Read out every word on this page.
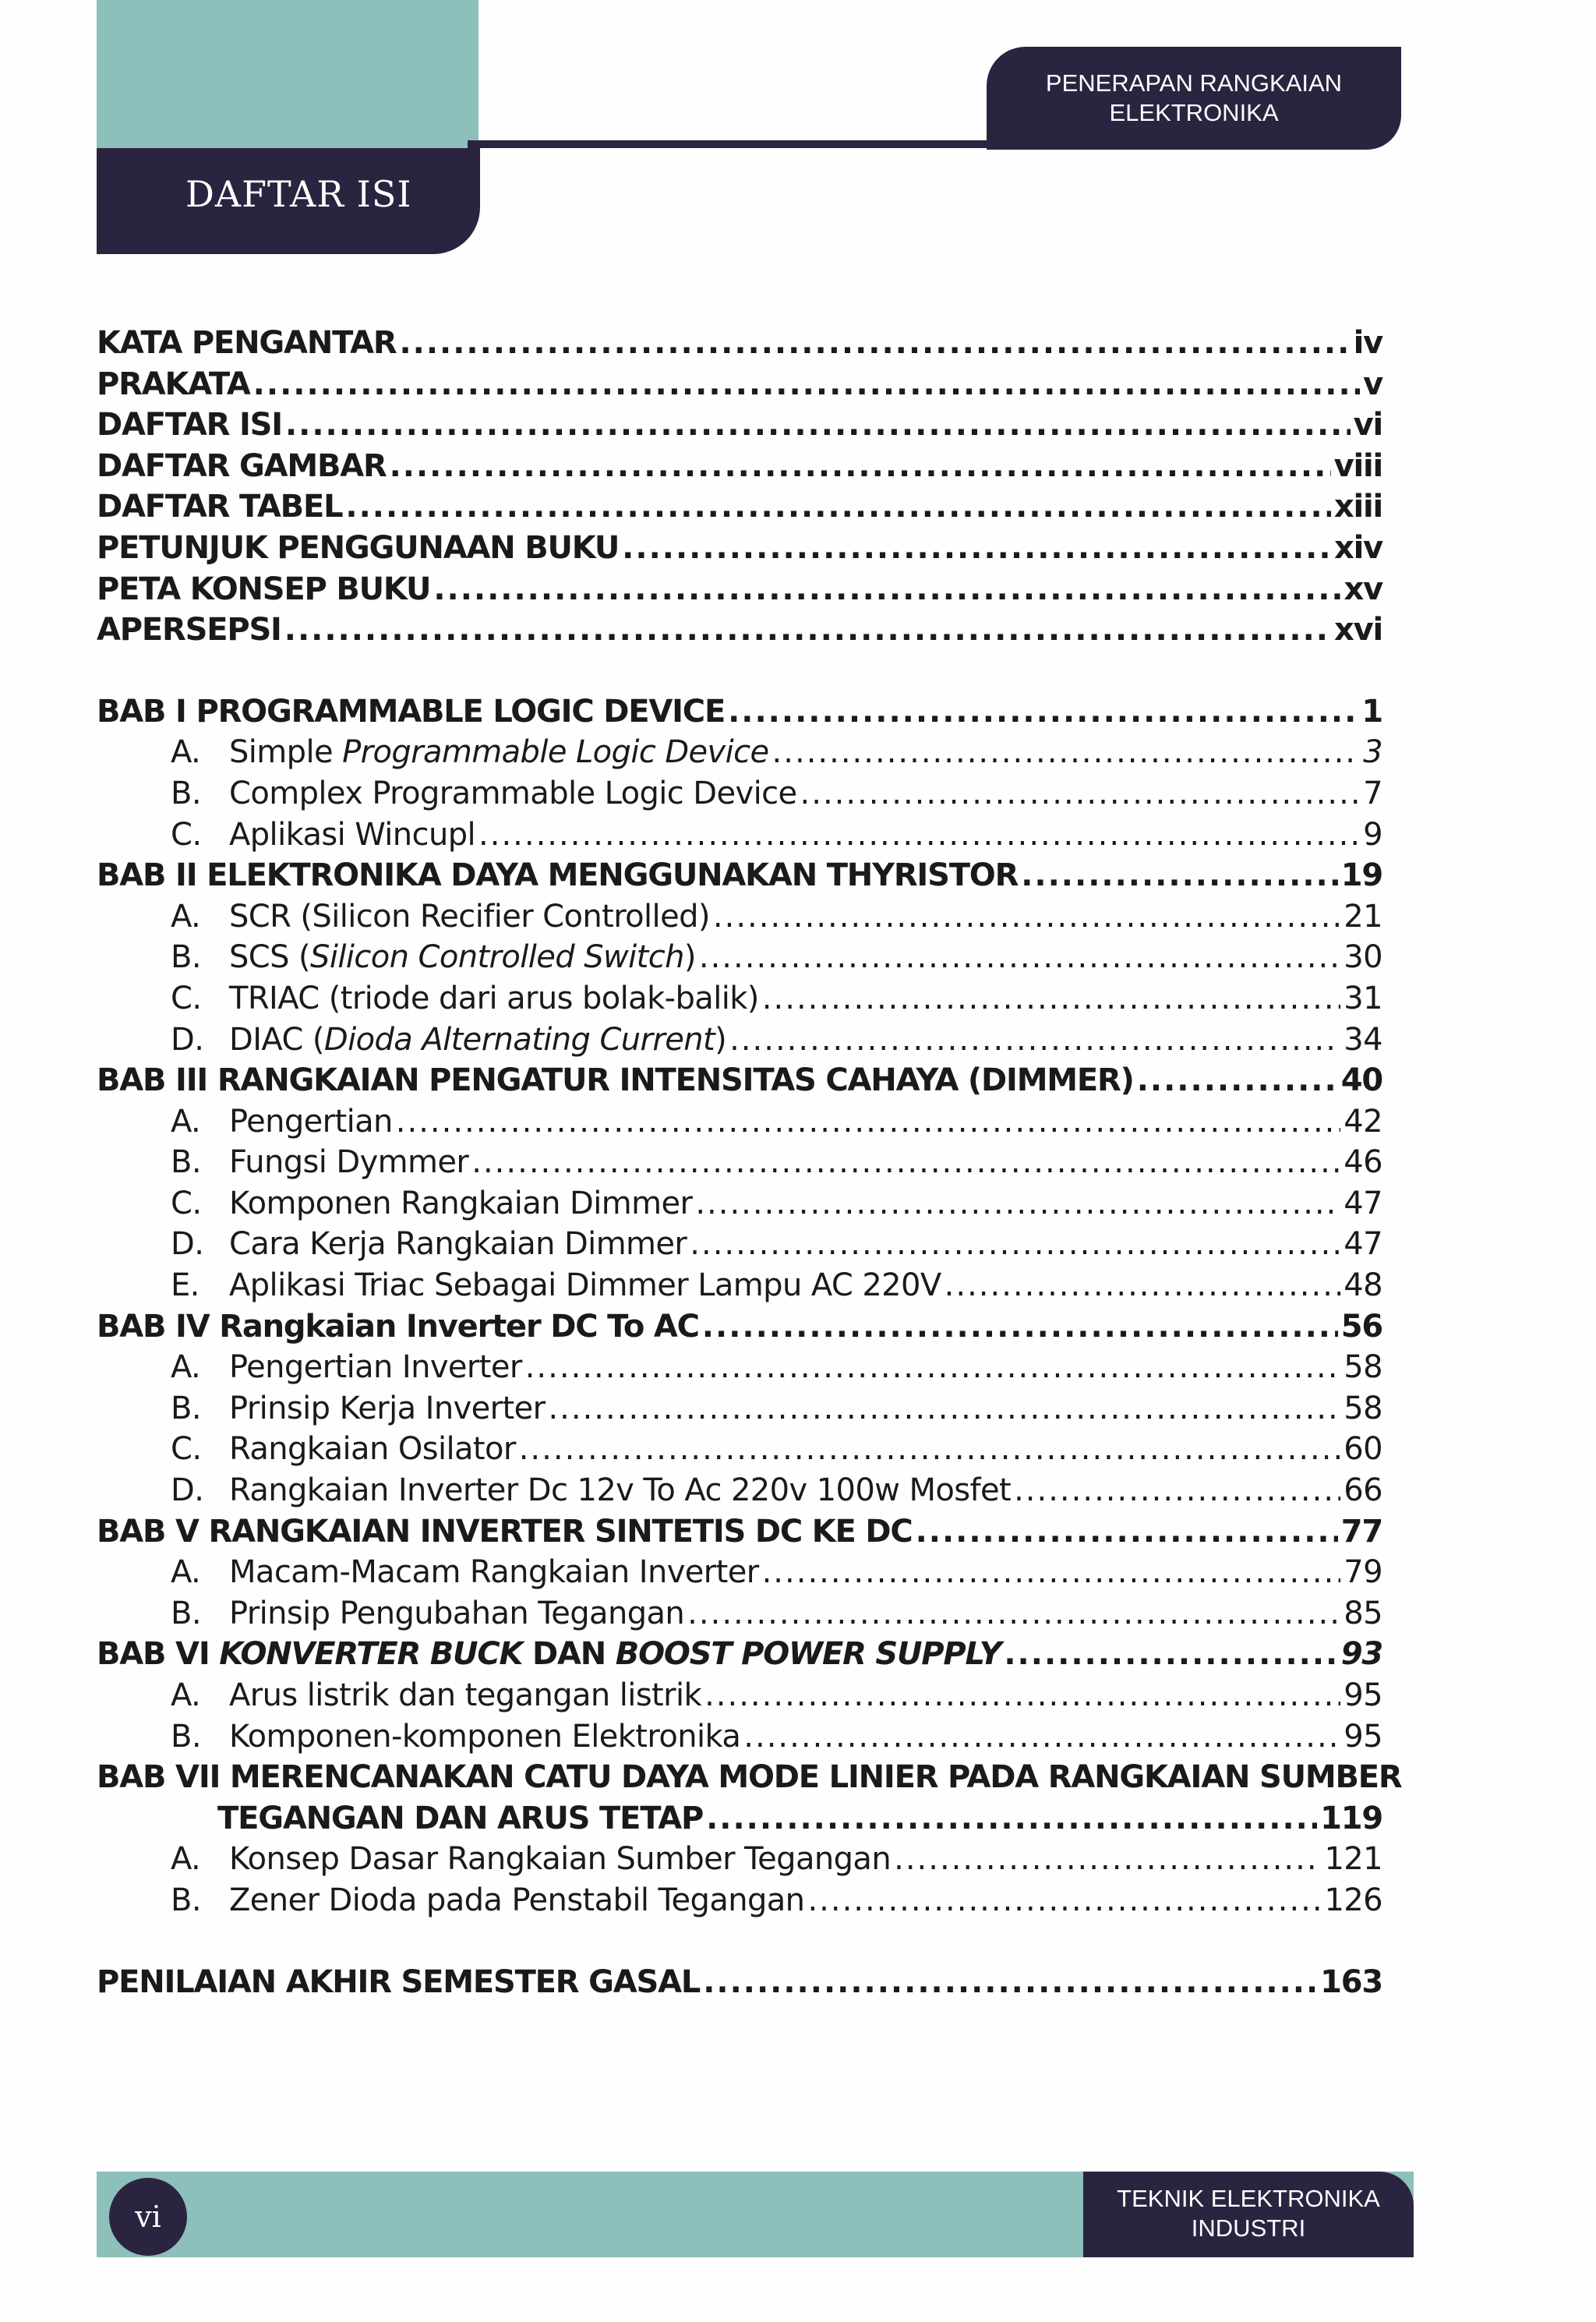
DAFTAR ISI
PENERAPAN RANGKAIAN
ELEKTRONIKA
KATA PENGANTAR .....	iv
PRAKATA .....	v
DAFTAR ISI .....	vi
DAFTAR GAMBAR .....	viii
DAFTAR TABEL .....	xiii
PETUNJUK PENGGUNAAN BUKU .....	xiv
PETA KONSEP BUKU .....	xv
APERSEPSI .....	xvi
BAB I PROGRAMMABLE LOGIC DEVICE .....	1
A. Simple Programmable Logic Device .....	3
B. Complex Programmable Logic Device .....	7
C. Aplikasi Wincupl .....	9
BAB II ELEKTRONIKA DAYA MENGGUNAKAN THYRISTOR .....	19
A. SCR (Silicon Recifier Controlled) .....	21
B. SCS (Silicon Controlled Switch) .....	30
C. TRIAC (triode dari arus bolak-balik) .....	31
D. DIAC (Dioda Alternating Current) .....	34
BAB III RANGKAIAN PENGATUR INTENSITAS CAHAYA (DIMMER) .....	40
A. Pengertian .....	42
B. Fungsi Dymmer .....	46
C. Komponen Rangkaian Dimmer .....	47
D. Cara Kerja Rangkaian Dimmer .....	47
E. Aplikasi Triac Sebagai Dimmer Lampu AC 220V .....	48
BAB IV Rangkaian Inverter DC To AC .....	56
A. Pengertian Inverter .....	58
B. Prinsip Kerja Inverter .....	58
C. Rangkaian Osilator .....	60
D. Rangkaian Inverter Dc 12v To Ac 220v 100w Mosfet .....	66
BAB V RANGKAIAN INVERTER SINTETIS DC KE DC .....	77
A. Macam-Macam Rangkaian Inverter .....	79
B. Prinsip Pengubahan Tegangan .....	85
BAB VI KONVERTER BUCK DAN BOOST POWER SUPPLY .....	93
A. Arus listrik dan tegangan listrik .....	95
B. Komponen-komponen Elektronika .....	95
BAB VII MERENCANAKAN CATU DAYA MODE LINIER PADA RANGKAIAN SUMBER
TEGANGAN DAN ARUS TETAP .....	119
A. Konsep Dasar Rangkaian Sumber Tegangan .....	121
B. Zener Dioda pada Penstabil Tegangan .....	126
PENILAIAN AKHIR SEMESTER GASAL .....	163
TEKNIK ELEKTRONIKA
INDUSTRI
vi
